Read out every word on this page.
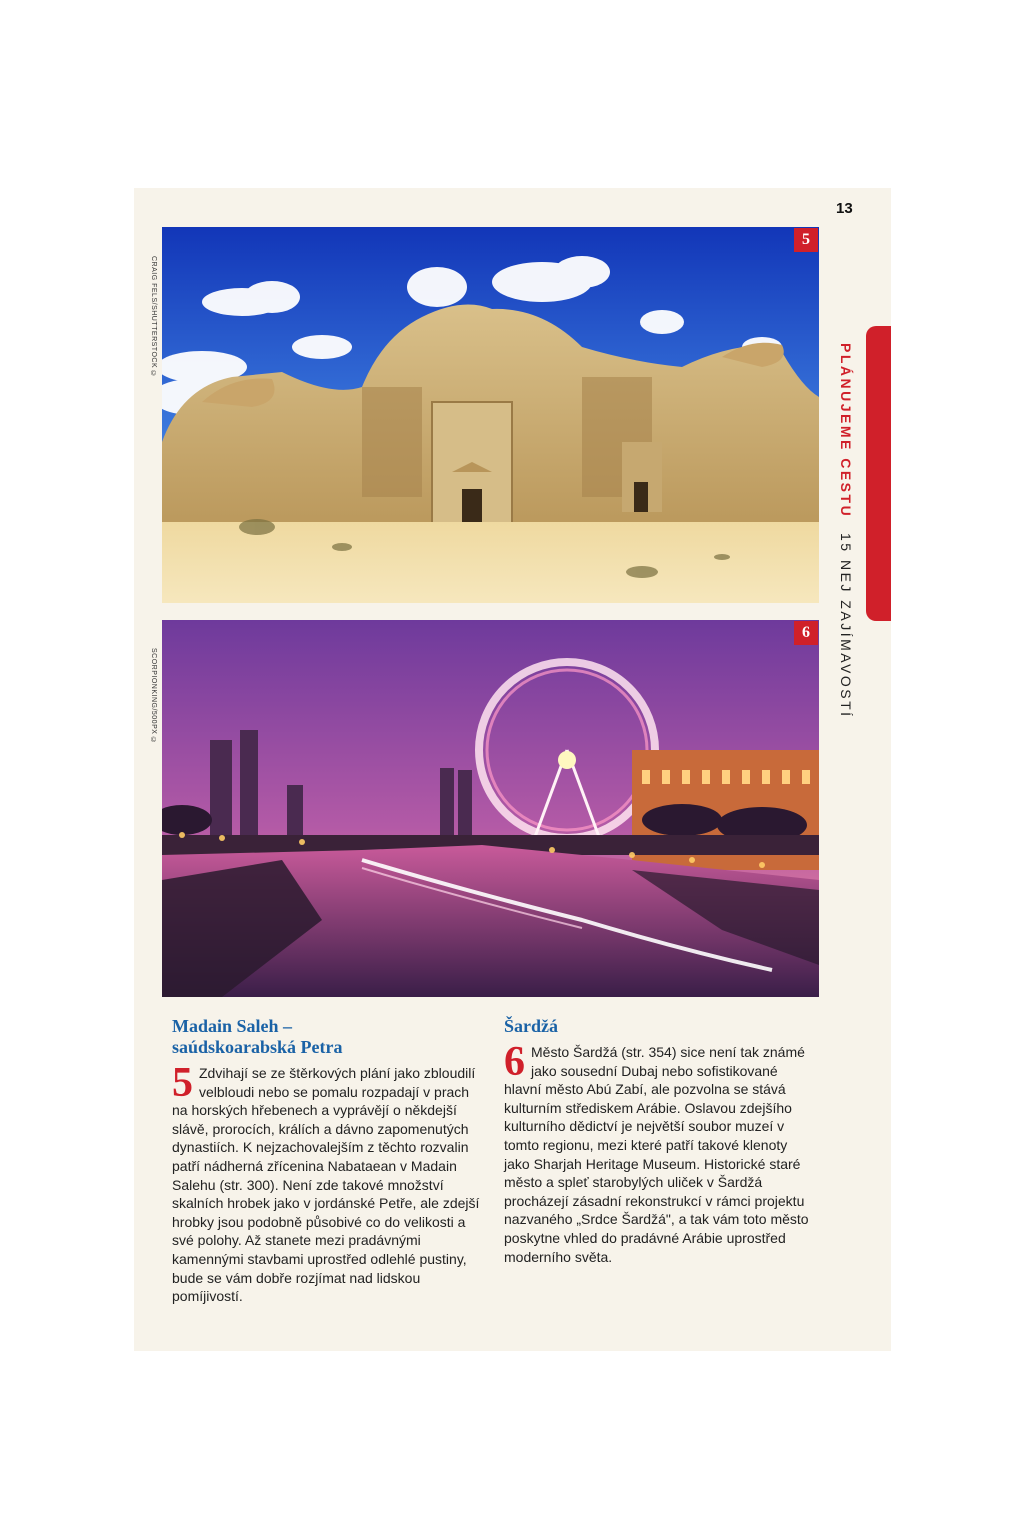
13
5
CRAIG FELS/SHUTTERSTOCK ©
6
SCORPIONKING/500PX ©
PLÁNUJEME CESTU 15 NEJ ZAJÍMAVOSTÍ
Madain Saleh –
saúdskoarabská Petra

5 Zdvihají se ze štěrkových plání jako zbloudilí velbloudi nebo se pomalu rozpadají v prach na horských hřebenech a vyprávějí o někdejší slávě, prorocích, králích a dávno zapomenutých dynastiích. K nejzachovalejším z těchto rozvalin patří nádherná zřícenina Nabataean v Madain Salehu (str. 300). Není zde takové množství skalních hrobek jako v jordánské Petře, ale zdejší hrobky jsou podobně působivé co do velikosti a své polohy. Až stanete mezi pradávnými kamennými stavbami uprostřed odlehlé pustiny, bude se vám dobře rozjímat nad lidskou pomíjivostí.

Šardžá

6 Město Šardžá (str. 354) sice není tak známé jako sousední Dubaj nebo sofistikované hlavní město Abú Zabí, ale pozvolna se stává kulturním střediskem Arábie. Oslavou zdejšího kulturního dědictví je největší soubor muzeí v tomto regionu, mezi které patří takové klenoty jako Sharjah Heritage Museum. Historické staré město a spleť starobylých uliček v Šardžá procházejí zásadní rekonstrukcí v rámci projektu nazvaného „Srdce Šardžá", a tak vám toto město poskytne vhled do pradávné Arábie uprostřed moderního světa.
